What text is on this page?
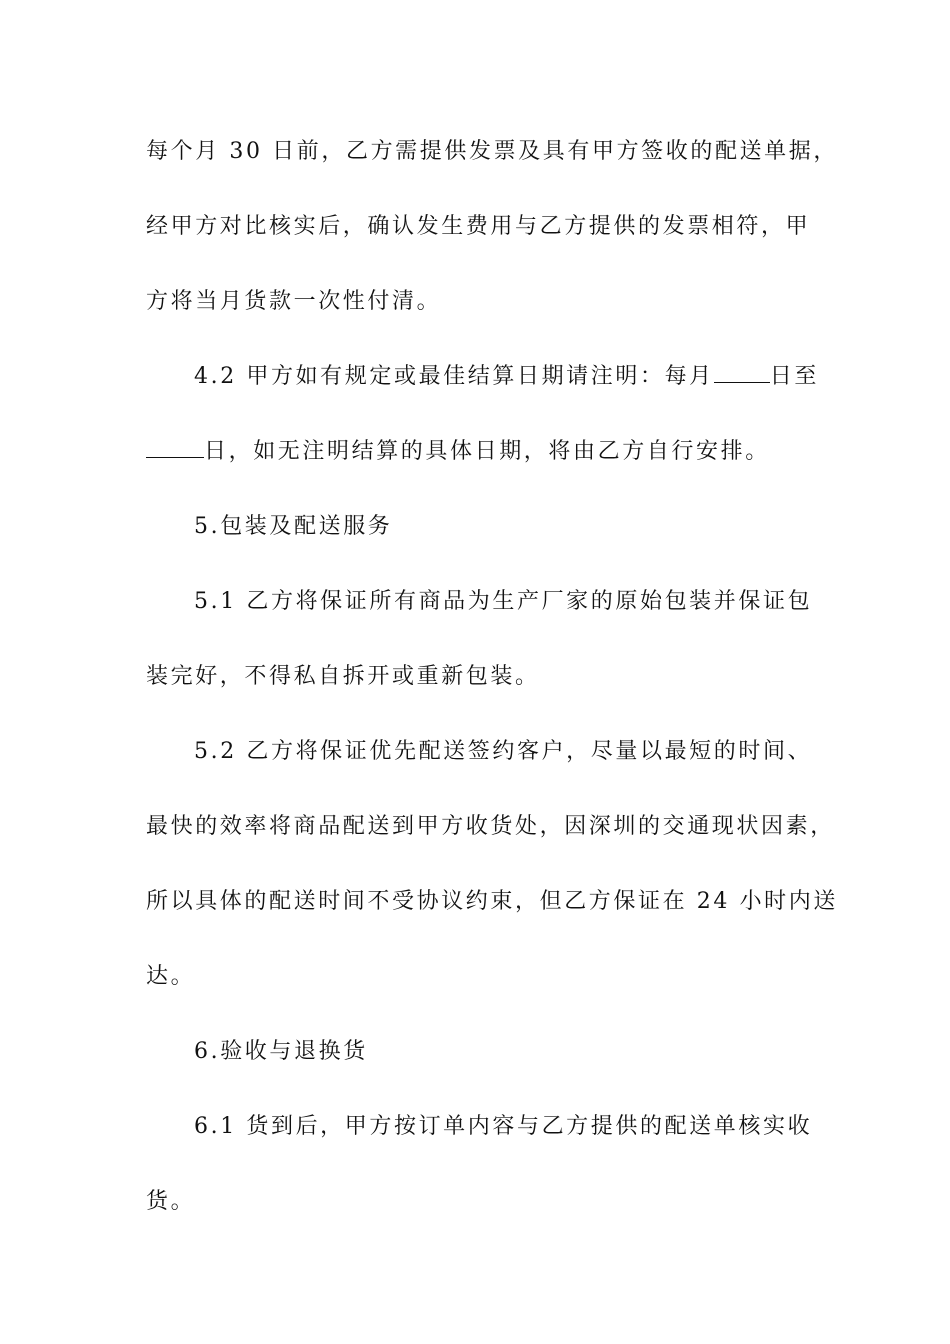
每个月 30 日前，乙方需提供发票及具有甲方签收的配送单据，
经甲方对比核实后，确认发生费用与乙方提供的发票相符，甲
方将当月货款一次性付清。
4.2 甲方如有规定或最佳结算日期请注明：每月	日至
日，如无注明结算的具体日期，将由乙方自行安排。
5.包装及配送服务
5.1 乙方将保证所有商品为生产厂家的原始包装并保证包
装完好，不得私自拆开或重新包装。
5.2 乙方将保证优先配送签约客户，尽量以最短的时间、
最快的效率将商品配送到甲方收货处，因深圳的交通现状因素，
所以具体的配送时间不受协议约束，但乙方保证在 24 小时内送
达。
6.验收与退换货
6.1 货到后，甲方按订单内容与乙方提供的配送单核实收
货。
